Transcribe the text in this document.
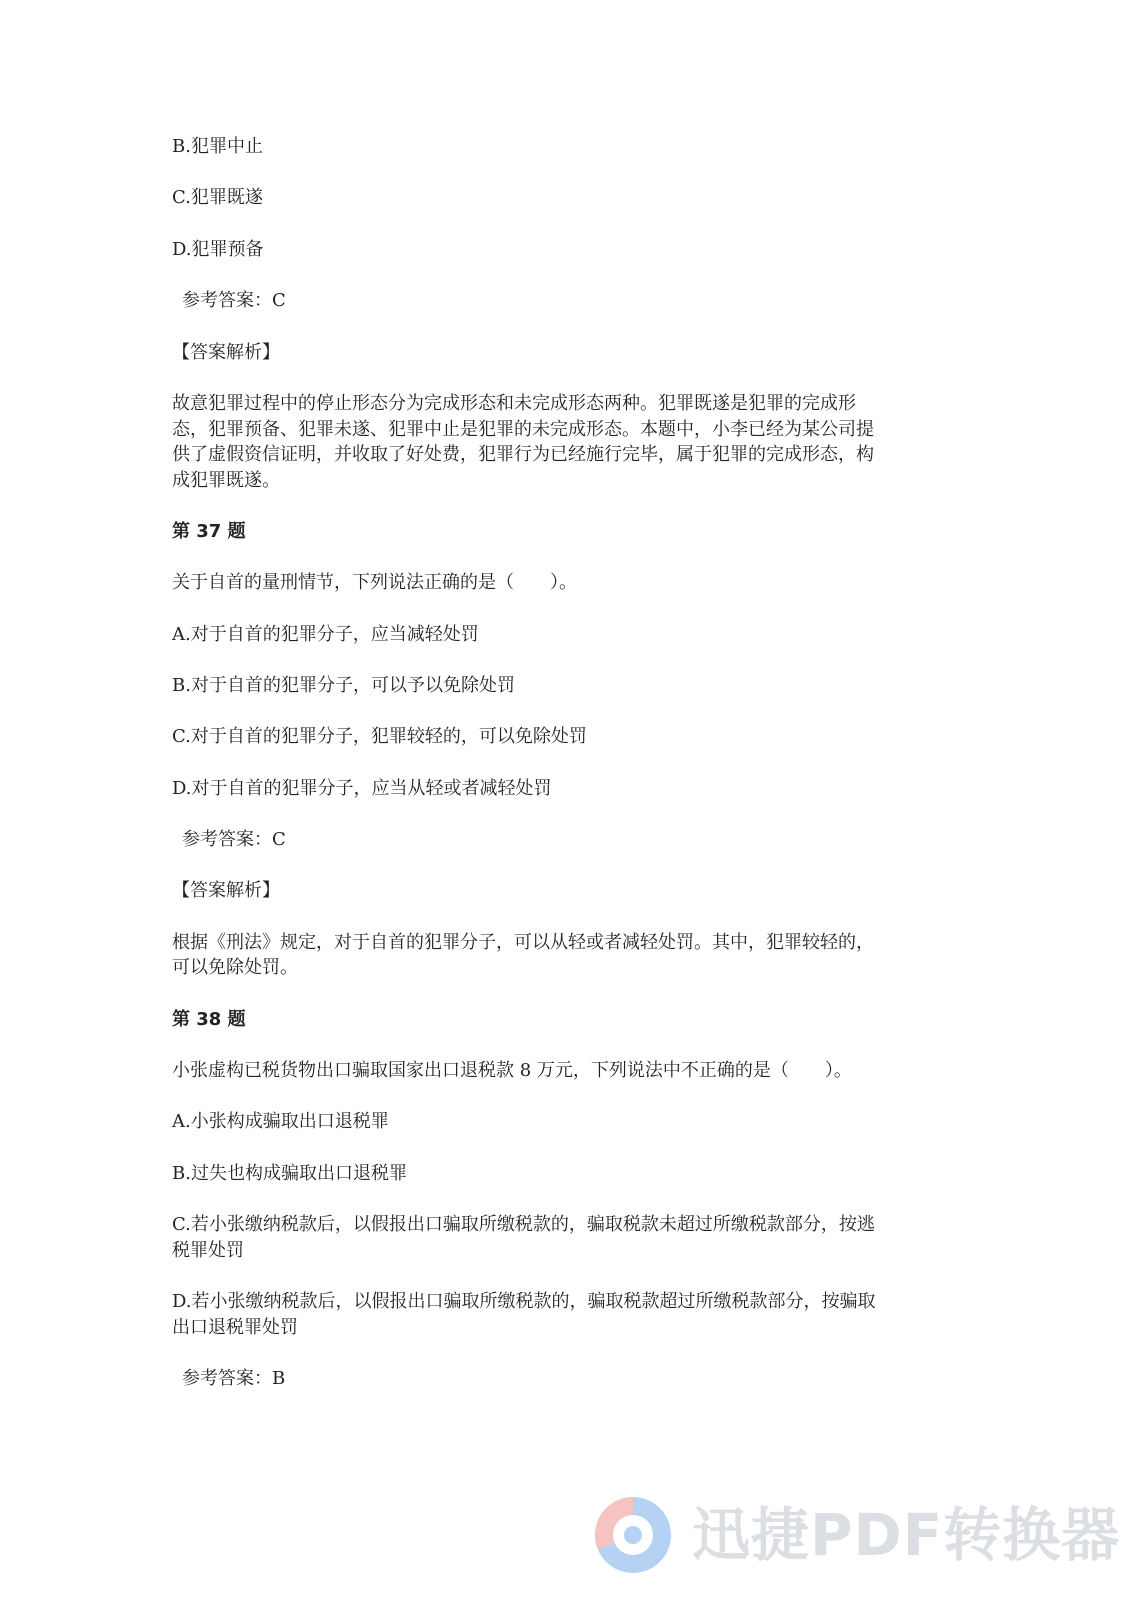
B.犯罪中止
C.犯罪既遂
D.犯罪预备
参考答案：C
【答案解析】
故意犯罪过程中的停止形态分为完成形态和未完成形态两种。犯罪既遂是犯罪的完成形
态，犯罪预备、犯罪未遂、犯罪中止是犯罪的未完成形态。本题中，小李已经为某公司提
供了虚假资信证明，并收取了好处费，犯罪行为已经施行完毕，属于犯罪的完成形态，构
成犯罪既遂。
第 37 题
关于自首的量刑情节，下列说法正确的是（　　）。
A.对于自首的犯罪分子，应当减轻处罚
B.对于自首的犯罪分子，可以予以免除处罚
C.对于自首的犯罪分子，犯罪较轻的，可以免除处罚
D.对于自首的犯罪分子，应当从轻或者减轻处罚
参考答案：C
【答案解析】
根据《刑法》规定，对于自首的犯罪分子，可以从轻或者减轻处罚。其中，犯罪较轻的，
可以免除处罚。
第 38 题
小张虚构已税货物出口骗取国家出口退税款 8 万元，下列说法中不正确的是（　　）。
A.小张构成骗取出口退税罪
B.过失也构成骗取出口退税罪
C.若小张缴纳税款后，以假报出口骗取所缴税款的，骗取税款未超过所缴税款部分，按逃
税罪处罚
D.若小张缴纳税款后，以假报出口骗取所缴税款的，骗取税款超过所缴税款部分，按骗取
出口退税罪处罚
参考答案：B
迅捷PDF转换器
